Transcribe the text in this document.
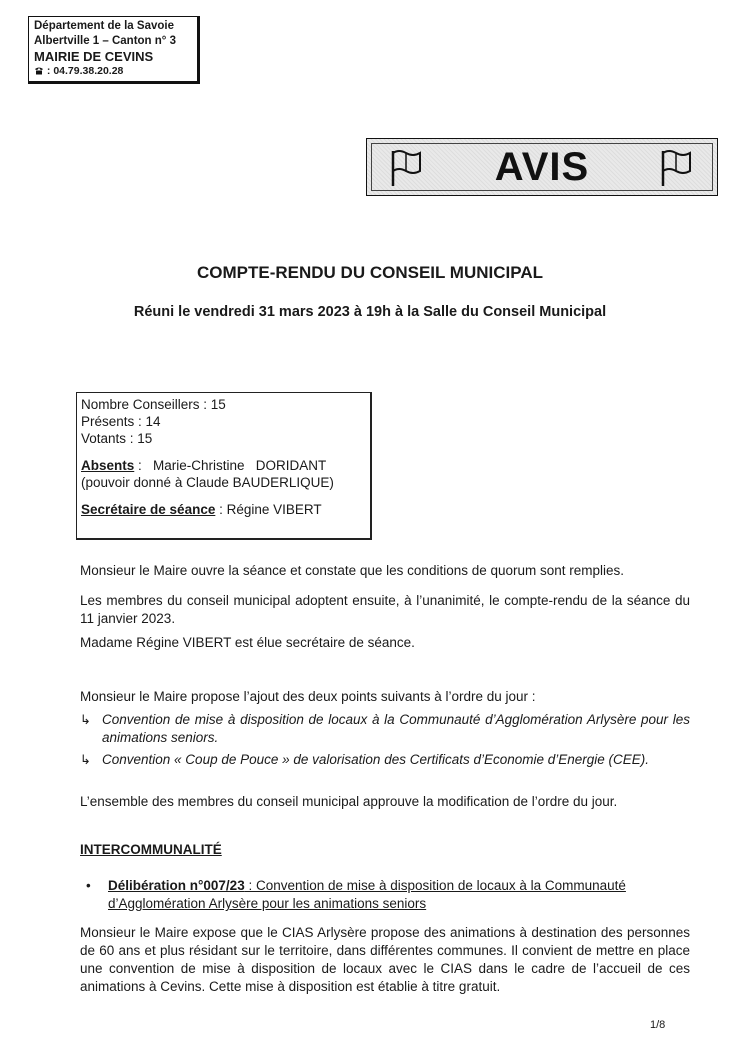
Département de la Savoie
Albertville 1 – Canton n° 3
MAIRIE DE CEVINS
: 04.79.38.20.28
AVIS
COMPTE-RENDU DU CONSEIL MUNICIPAL
Réuni le vendredi 31 mars 2023 à 19h à la Salle du Conseil Municipal
Nombre Conseillers : 15
Présents : 14
Votants : 15
Absents :   Marie-Christine   DORIDANT
(pouvoir donné à Claude BAUDERLIQUE)
Secrétaire de séance : Régine VIBERT
Monsieur le Maire ouvre la séance et constate que les conditions de quorum sont remplies.
Les membres du conseil municipal adoptent ensuite, à l’unanimité, le compte-rendu de la séance du 11 janvier 2023.
Madame Régine VIBERT est élue secrétaire de séance.
Monsieur le Maire propose l’ajout des deux points suivants à l’ordre du jour :
↳ Convention de mise à disposition de locaux à la Communauté d’Agglomération Arlysère pour les animations seniors.
↳ Convention « Coup de Pouce » de valorisation des Certificats d’Economie d’Energie (CEE).
L’ensemble des membres du conseil municipal approuve la modification de l’ordre du jour.
INTERCOMMUNALITÉ
• Délibération n°007/23 : Convention de mise à disposition de locaux à la Communauté d’Agglomération Arlysère pour les animations seniors
Monsieur le Maire expose que le CIAS Arlysère propose des animations à destination des personnes de 60 ans et plus résidant sur le territoire, dans différentes communes. Il convient de mettre en place une convention de mise à disposition de locaux avec le CIAS dans le cadre de l’accueil de ces animations à Cevins. Cette mise à disposition est établie à titre gratuit.
1/8
